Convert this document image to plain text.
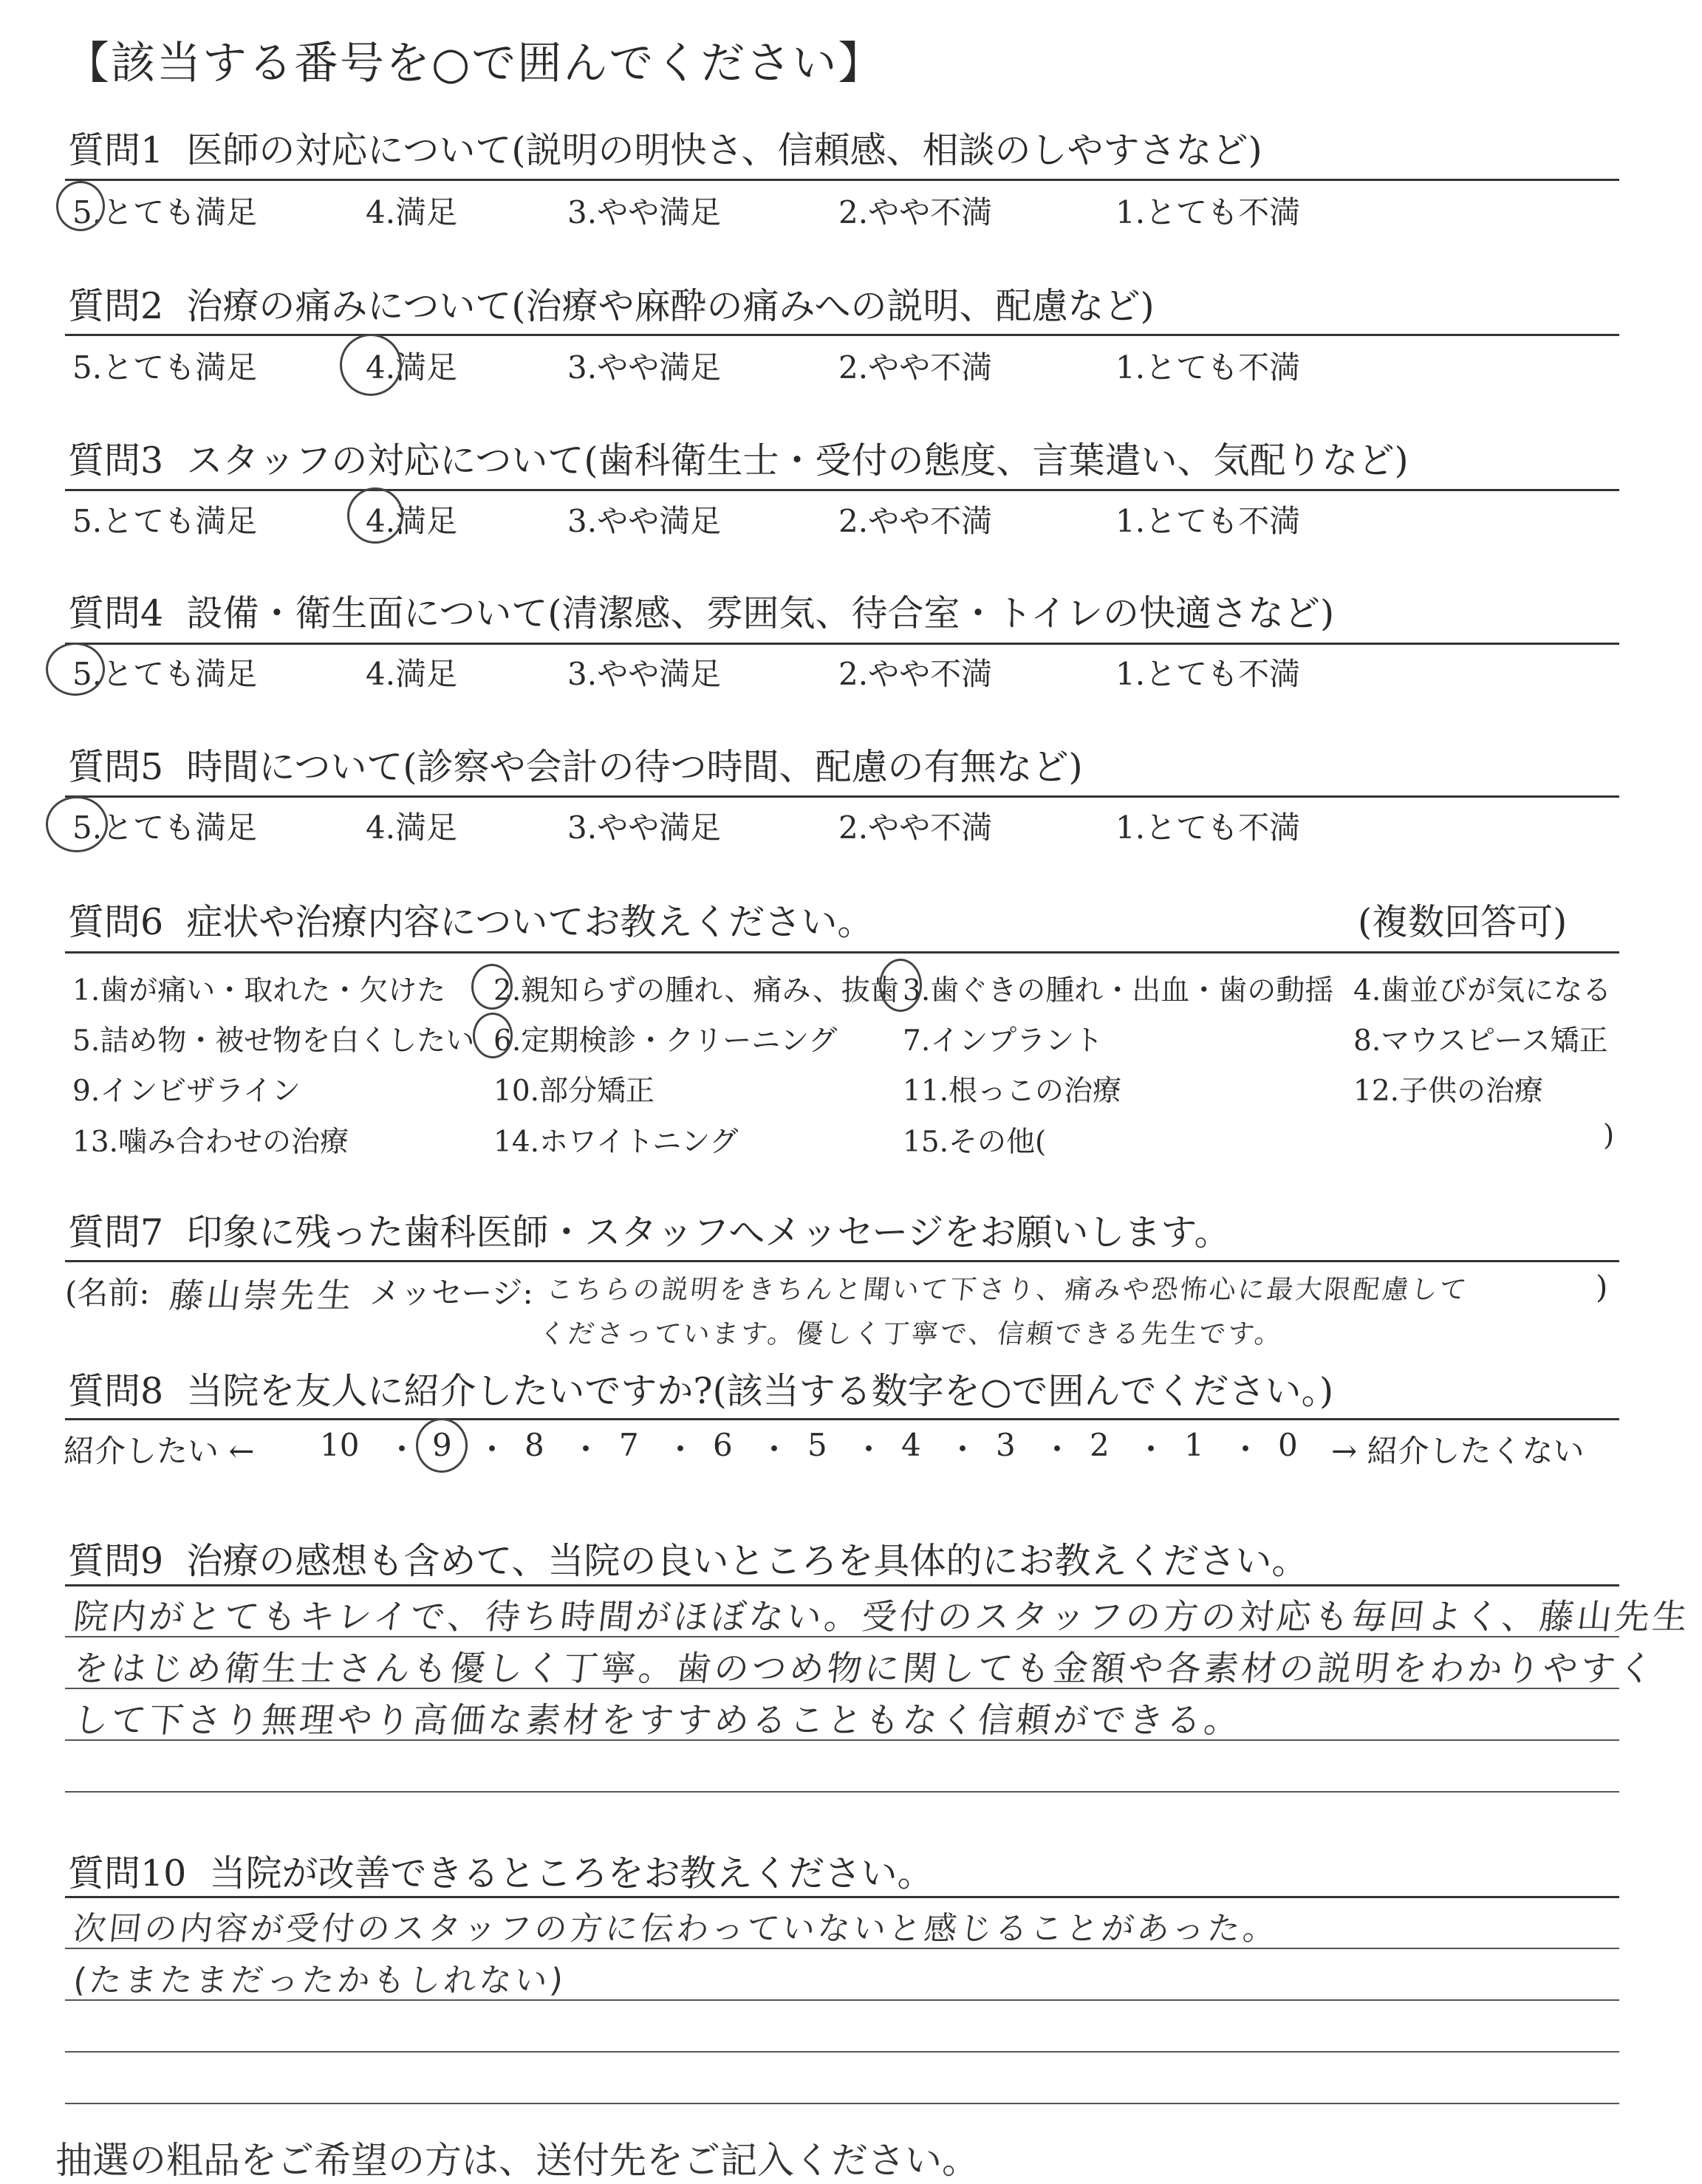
【該当する番号を○で囲んでください】
質問1 医師の対応について(説明の明快さ、信頼感、相談のしやすさなど)
5.とても満足	4.満足	3.やや満足	2.やや不満	1.とても不満
質問2 治療の痛みについて(治療や麻酔の痛みへの説明、配慮など)
5.とても満足	4.満足	3.やや満足	2.やや不満	1.とても不満
質問3 スタッフの対応について(歯科衛生士・受付の態度、言葉遣い、気配りなど)
5.とても満足	4.満足	3.やや満足	2.やや不満	1.とても不満
質問4 設備・衛生面について(清潔感、雰囲気、待合室・トイレの快適さなど)
5.とても満足	4.満足	3.やや満足	2.やや不満	1.とても不満
質問5 時間について(診察や会計の待つ時間、配慮の有無など)
5.とても満足	4.満足	3.やや満足	2.やや不満	1.とても不満
質問6 症状や治療内容についてお教えください。	(複数回答可)
1.歯が痛い・取れた・欠けた 2.親知らずの腫れ、痛み、抜歯 3.歯ぐきの腫れ・出血・歯の動揺 4.歯並びが気になる
5.詰め物・被せ物を白くしたい 6.定期検診・クリーニング 7.インプラント	8.マウスピース矯正
9.インビザライン	10.部分矯正	11.根っこの治療	12.子供の治療
13.噛み合わせの治療	14.ホワイトニング	15.その他(	)
質問7 印象に残った歯科医師・スタッフへメッセージをお願いします。
(名前: 藤山崇先生 メッセージ: こちらの説明をきちんと聞いて下さり、痛みや恐怖心に最大限配慮して
くださっています。優しく丁寧で、信頼できる先生です。
)
質問8 当院を友人に紹介したいですか?(該当する数字を○で囲んでください。)
紹介したい ← 10 9 8 7 6 5 4 3 2 1 0
・ ・ ・ ・ ・ ・ ・ ・ ・ ・ → 紹介したくない
質問9 治療の感想も含めて、当院の良いところを具体的にお教えください。
院内がとてもキレイで、待ち時間がほぼない。受付のスタッフの方の対応も毎回よく、藤山先生
をはじめ衛生士さんも優しく丁寧。歯のつめ物に関しても金額や各素材の説明をわかりやすく
して下さり無理やり高価な素材をすすめることもなく信頼ができる。
質問10 当院が改善できるところをお教えください。
次回の内容が受付のスタッフの方に伝わっていないと感じることがあった。
(たまたまだったかもしれない)
抽選の粗品をご希望の方は、送付先をご記入ください。
